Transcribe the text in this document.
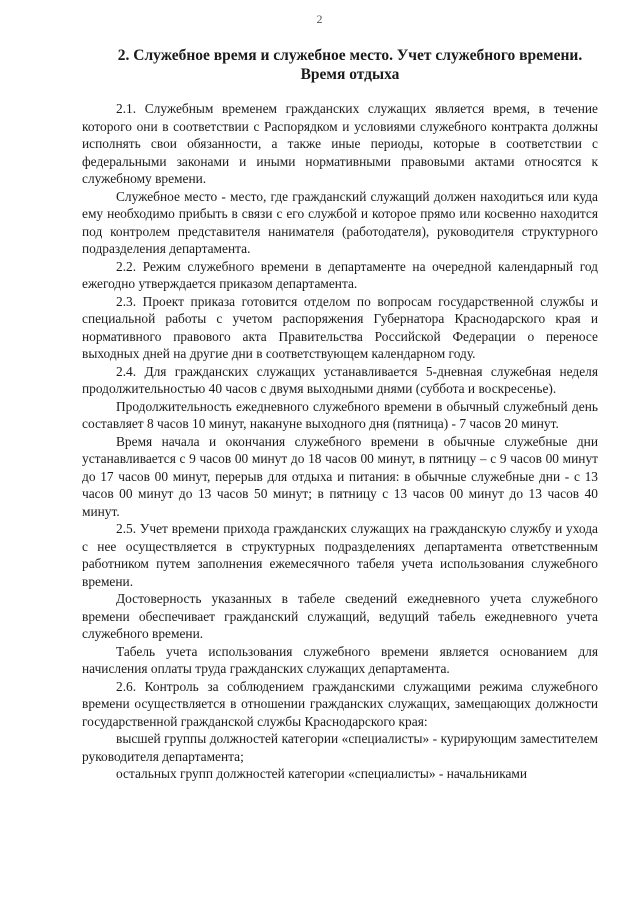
2
2. Служебное время и служебное место. Учет служебного времени.
Время отдыха

2.1. Служебным временем гражданских служащих является время, в течение которого они в соответствии с Распорядком и условиями служебного контракта должны исполнять свои обязанности, а также иные периоды, которые в соответствии с федеральными законами и иными нормативными правовыми актами относятся к служебному времени.

Служебное место - место, где гражданский служащий должен находиться или куда ему необходимо прибыть в связи с его службой и которое прямо или косвенно находится под контролем представителя нанимателя (работодателя), руководителя структурного подразделения департамента.

2.2. Режим служебного времени в департаменте на очередной календарный год ежегодно утверждается приказом департамента.

2.3. Проект приказа готовится отделом по вопросам государственной службы и специальной работы с учетом распоряжения Губернатора Краснодарского края и нормативного правового акта Правительства Российской Федерации о переносе выходных дней на другие дни в соответствующем календарном году.

2.4. Для гражданских служащих устанавливается 5-дневная служебная неделя продолжительностью 40 часов с двумя выходными днями (суббота и воскресенье).

Продолжительность ежедневного служебного времени в обычный служебный день составляет 8 часов 10 минут, накануне выходного дня (пятница) - 7 часов 20 минут.

Время начала и окончания служебного времени в обычные служебные дни устанавливается с 9 часов 00 минут до 18 часов 00 минут, в пятницу – с 9 часов 00 минут до 17 часов 00 минут, перерыв для отдыха и питания: в обычные служебные дни - с 13 часов 00 минут до 13 часов 50 минут; в пятницу с 13 часов 00 минут до 13 часов 40 минут.

2.5. Учет времени прихода гражданских служащих на гражданскую службу и ухода с нее осуществляется в структурных подразделениях департамента ответственным работником путем заполнения ежемесячного табеля учета использования служебного времени.

Достоверность указанных в табеле сведений ежедневного учета служебного времени обеспечивает гражданский служащий, ведущий табель ежедневного учета служебного времени.

Табель учета использования служебного времени является основанием для начисления оплаты труда гражданских служащих департамента.

2.6. Контроль за соблюдением гражданскими служащими режима служебного времени осуществляется в отношении гражданских служащих, замещающих должности государственной гражданской службы Краснодарского края:

высшей группы должностей категории «специалисты» - курирующим заместителем руководителя департамента;

остальных групп должностей категории «специалисты» - начальниками
